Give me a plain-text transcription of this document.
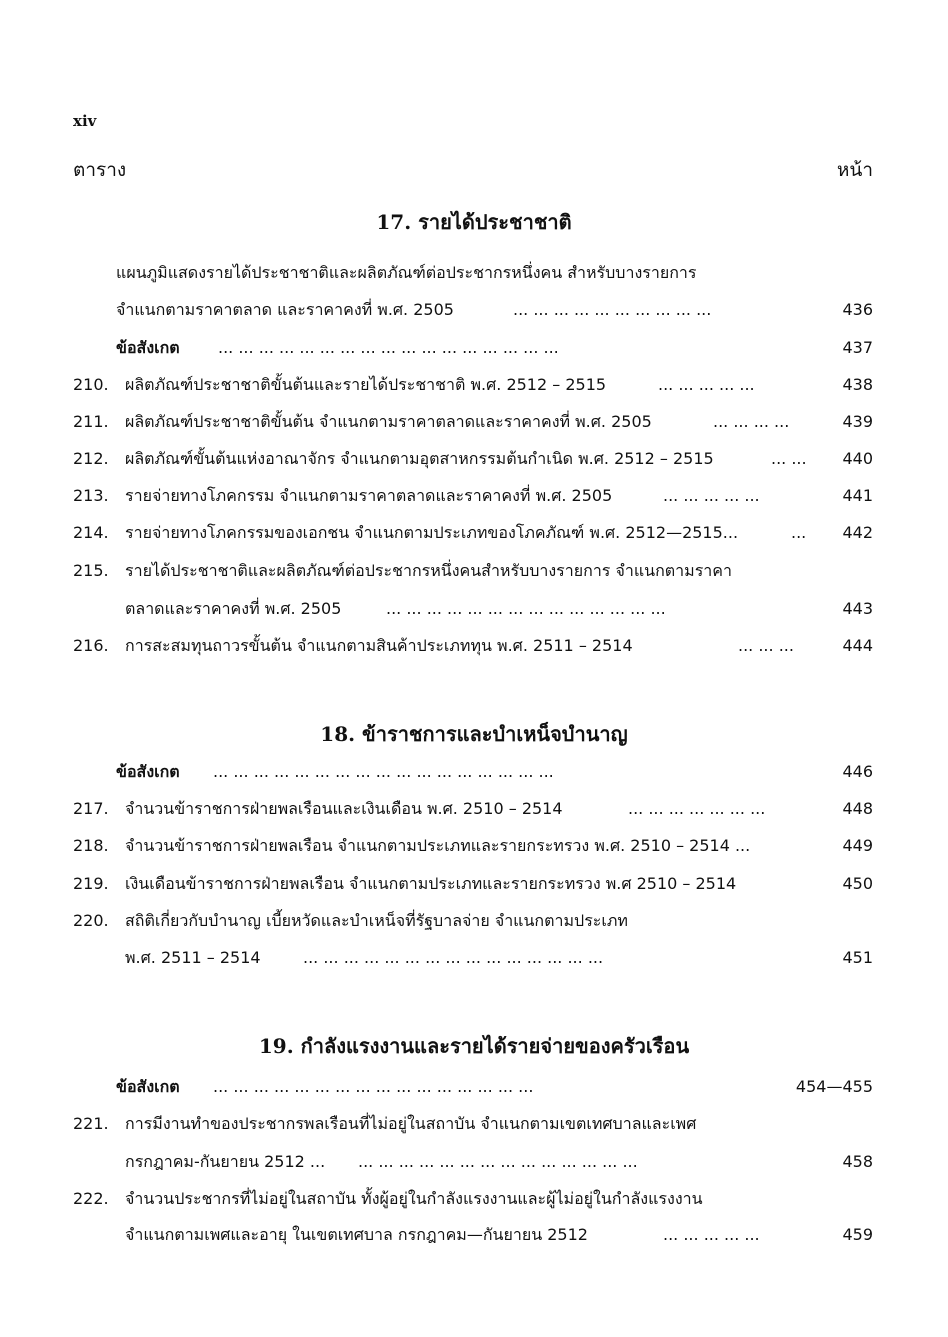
xiv
ตาราง	หน้า
17. รายได้ประชาชาติ
แผนภูมิแสดงรายได้ประชาชาติและผลิตภัณฑ์ต่อประชากรหนึ่งคน สำหรับบางรายการ
จำแนกตามราคาตลาด และราคาคงที่ พ.ศ. 2505	... ... ... ... ... ... ... ... ... ...	436
ข้อสังเกต ... ... ... ... ... ... ... ... ... ... ... ... ... ... ... ... ...	437
210. ผลิตภัณฑ์ประชาชาติขั้นต้นและรายได้ประชาชาติ พ.ศ. 2512 – 2515	... ... ... ... ...	438
211. ผลิตภัณฑ์ประชาชาติขั้นต้น จำแนกตามราคาตลาดและราคาคงที่ พ.ศ. 2505	... ... ... ...	439
212. ผลิตภัณฑ์ขั้นต้นแห่งอาณาจักร จำแนกตามอุตสาหกรรมต้นกำเนิด พ.ศ. 2512 – 2515	... ... 440
213. รายจ่ายทางโภคกรรม จำแนกตามราคาตลาดและราคาคงที่ พ.ศ. 2505	... ... ... ... ...	441
214. รายจ่ายทางโภคกรรมของเอกชน จำแนกตามประเภทของโภคภัณฑ์ พ.ศ. 2512—2515...	... 442
215. รายได้ประชาชาติและผลิตภัณฑ์ต่อประชากรหนึ่งคนสำหรับบางรายการ จำแนกตามราคา
ตลาดและราคาคงที่ พ.ศ. 2505	... ... ... ... ... ... ... ... ... ... ... ... ... ...	443
216. การสะสมทุนถาวรขั้นต้น จำแนกตามสินค้าประเภททุน พ.ศ. 2511 – 2514	... ... ...	444
18. ข้าราชการและบำเหน็จบำนาญ
ข้อสังเกต ... ... ... ... ... ... ... ... ... ... ... ... ... ... ... ... ...	446
217. จำนวนข้าราชการฝ่ายพลเรือนและเงินเดือน พ.ศ. 2510 – 2514	... ... ... ... ... ... ...	448
218. จำนวนข้าราชการฝ่ายพลเรือน จำแนกตามประเภทและรายกระทรวง พ.ศ. 2510 – 2514 ...	449
219. เงินเดือนข้าราชการฝ่ายพลเรือน จำแนกตามประเภทและรายกระทรวง พ.ศ 2510 – 2514	450
220. สถิติเกี่ยวกับบำนาญ เบี้ยหวัดและบำเหน็จที่รัฐบาลจ่าย จำแนกตามประเภท
พ.ศ. 2511 – 2514	... ... ... ... ... ... ... ... ... ... ... ... ... ... ...	451
19. กำลังแรงงานและรายได้รายจ่ายของครัวเรือน
ข้อสังเกต ... ... ... ... ... ... ... ... ... ... ... ... ... ... ... ...	454—455
221. การมีงานทำของประชากรพลเรือนที่ไม่อยู่ในสถาบัน จำแนกตามเขตเทศบาลและเพศ
กรกฎาคม-กันยายน 2512 ... ... ... ... ... ... ... ... ... ... ... ... ... ... ...	458
222. จำนวนประชากรที่ไม่อยู่ในสถาบัน ทั้งผู้อยู่ในกำลังแรงงานและผู้ไม่อยู่ในกำลังแรงงาน
จำแนกตามเพศและอายุ ในเขตเทศบาล กรกฎาคม—กันยายน 2512	... ... ... ... ...	459
